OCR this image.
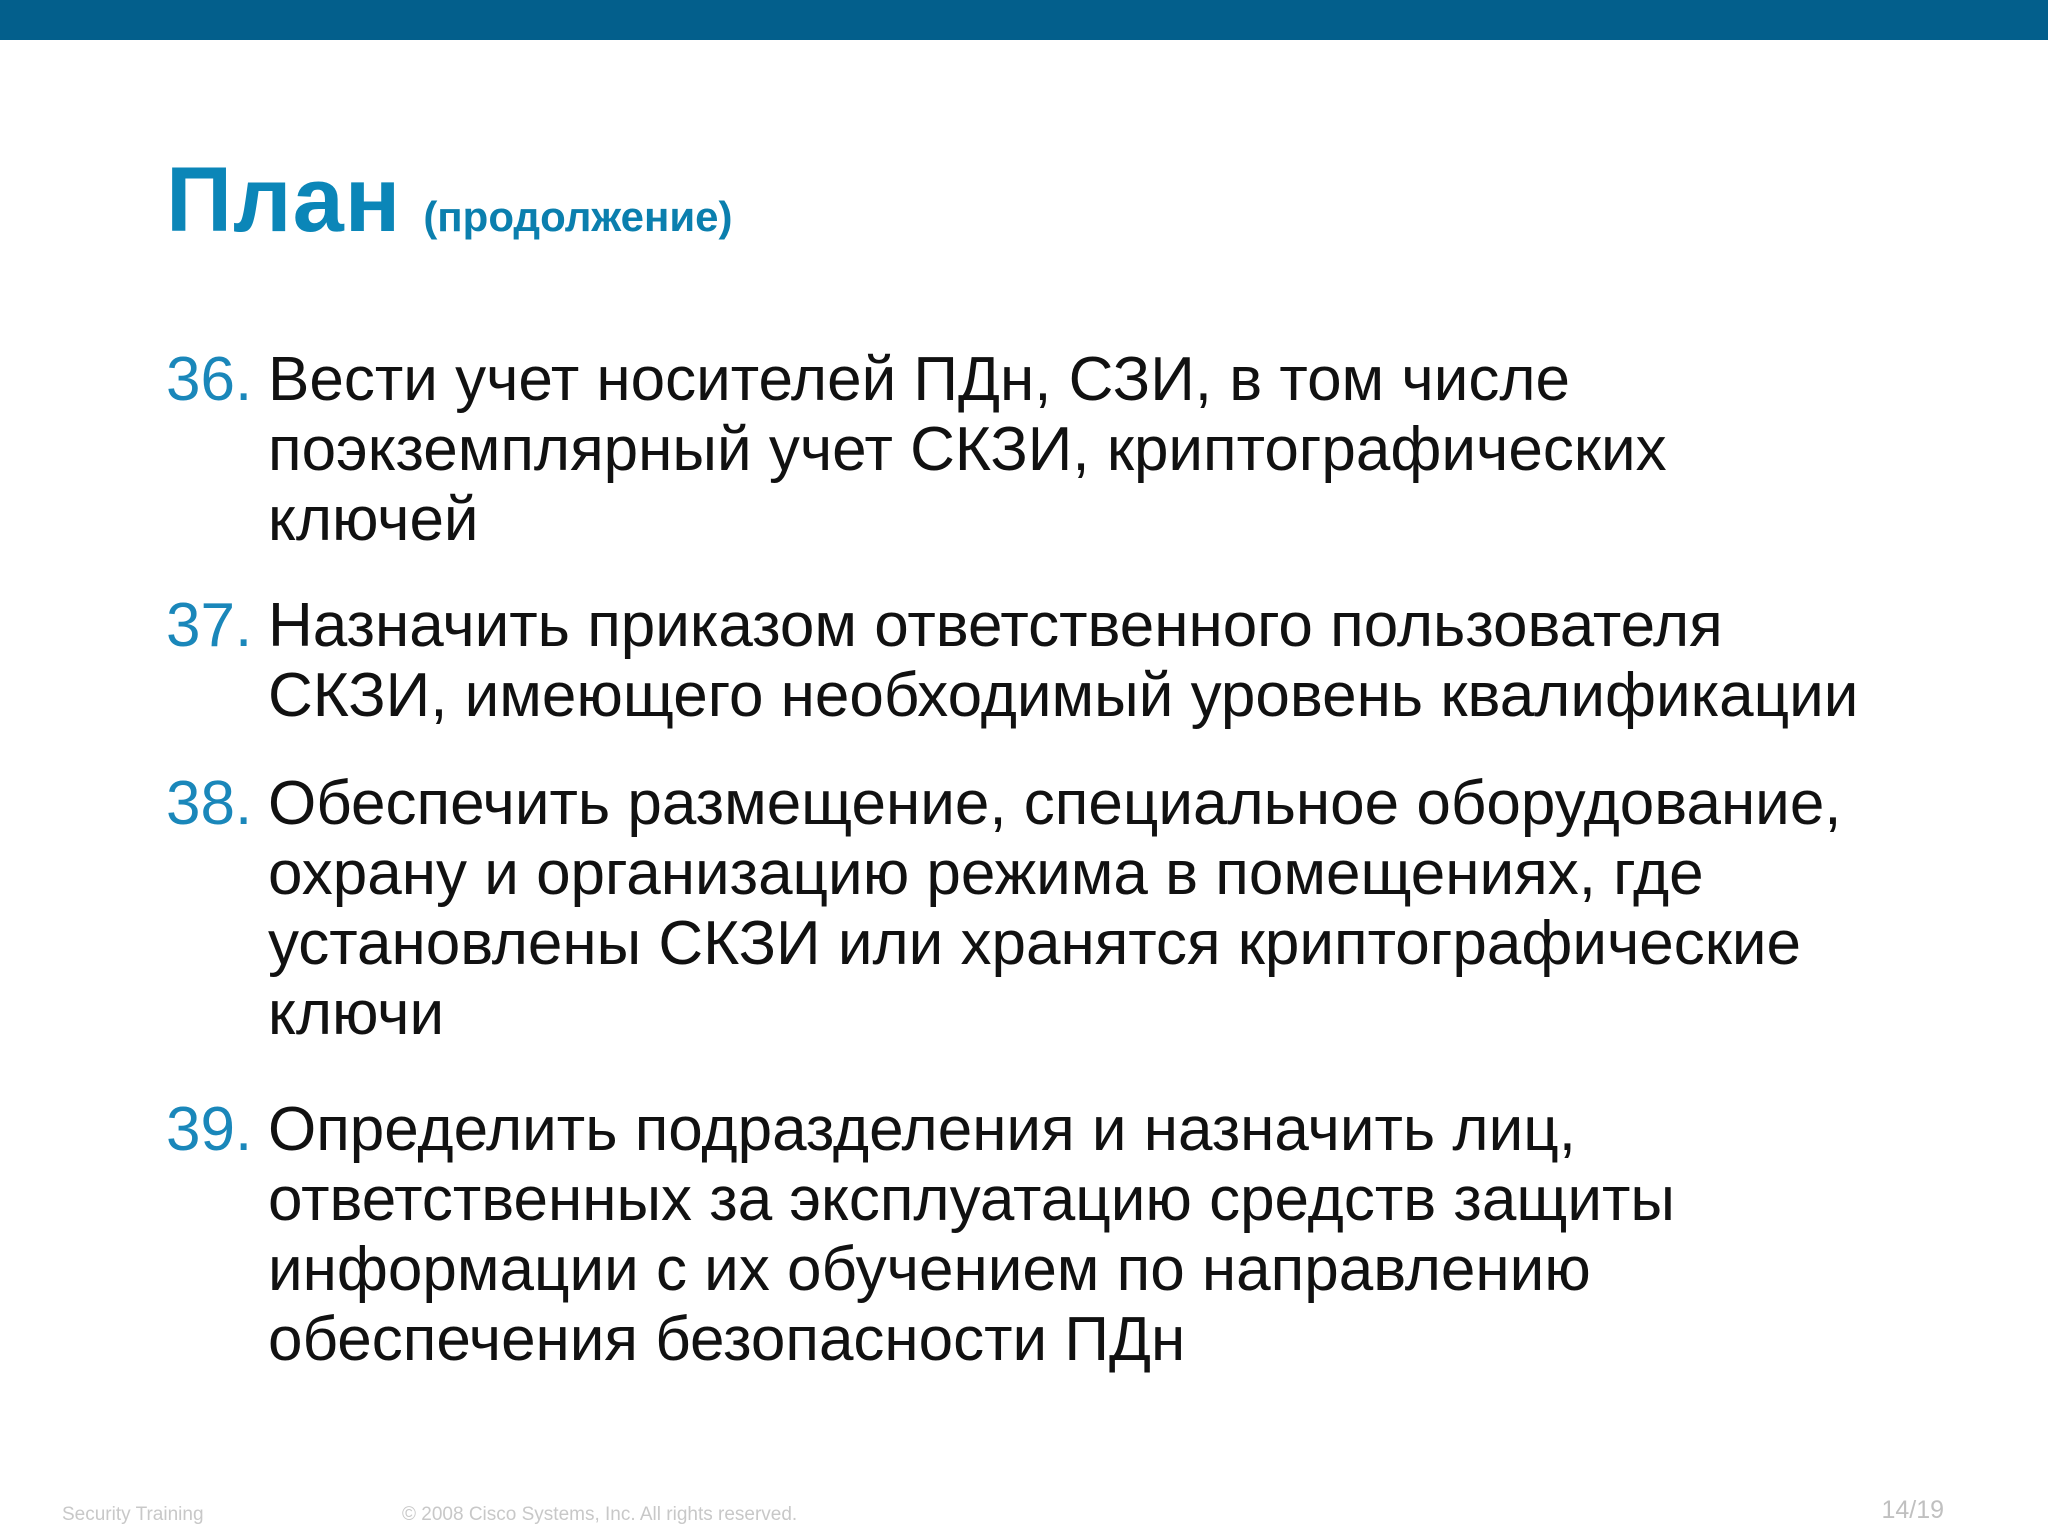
План (продолжение)
36. Вести учет носителей ПДн, СЗИ, в том числе
поэкземплярный учет СКЗИ, криптографических
ключей
37. Назначить приказом ответственного пользователя
СКЗИ, имеющего необходимый уровень квалификации
38. Обеспечить размещение, специальное оборудование,
охрану и организацию режима в помещениях, где
установлены СКЗИ или хранятся криптографические
ключи
39. Определить подразделения и назначить лиц,
ответственных за эксплуатацию средств защиты
информации с их обучением по направлению
обеспечения безопасности ПДн
Security Training	© 2008 Cisco Systems, Inc. All rights reserved.	14/19
